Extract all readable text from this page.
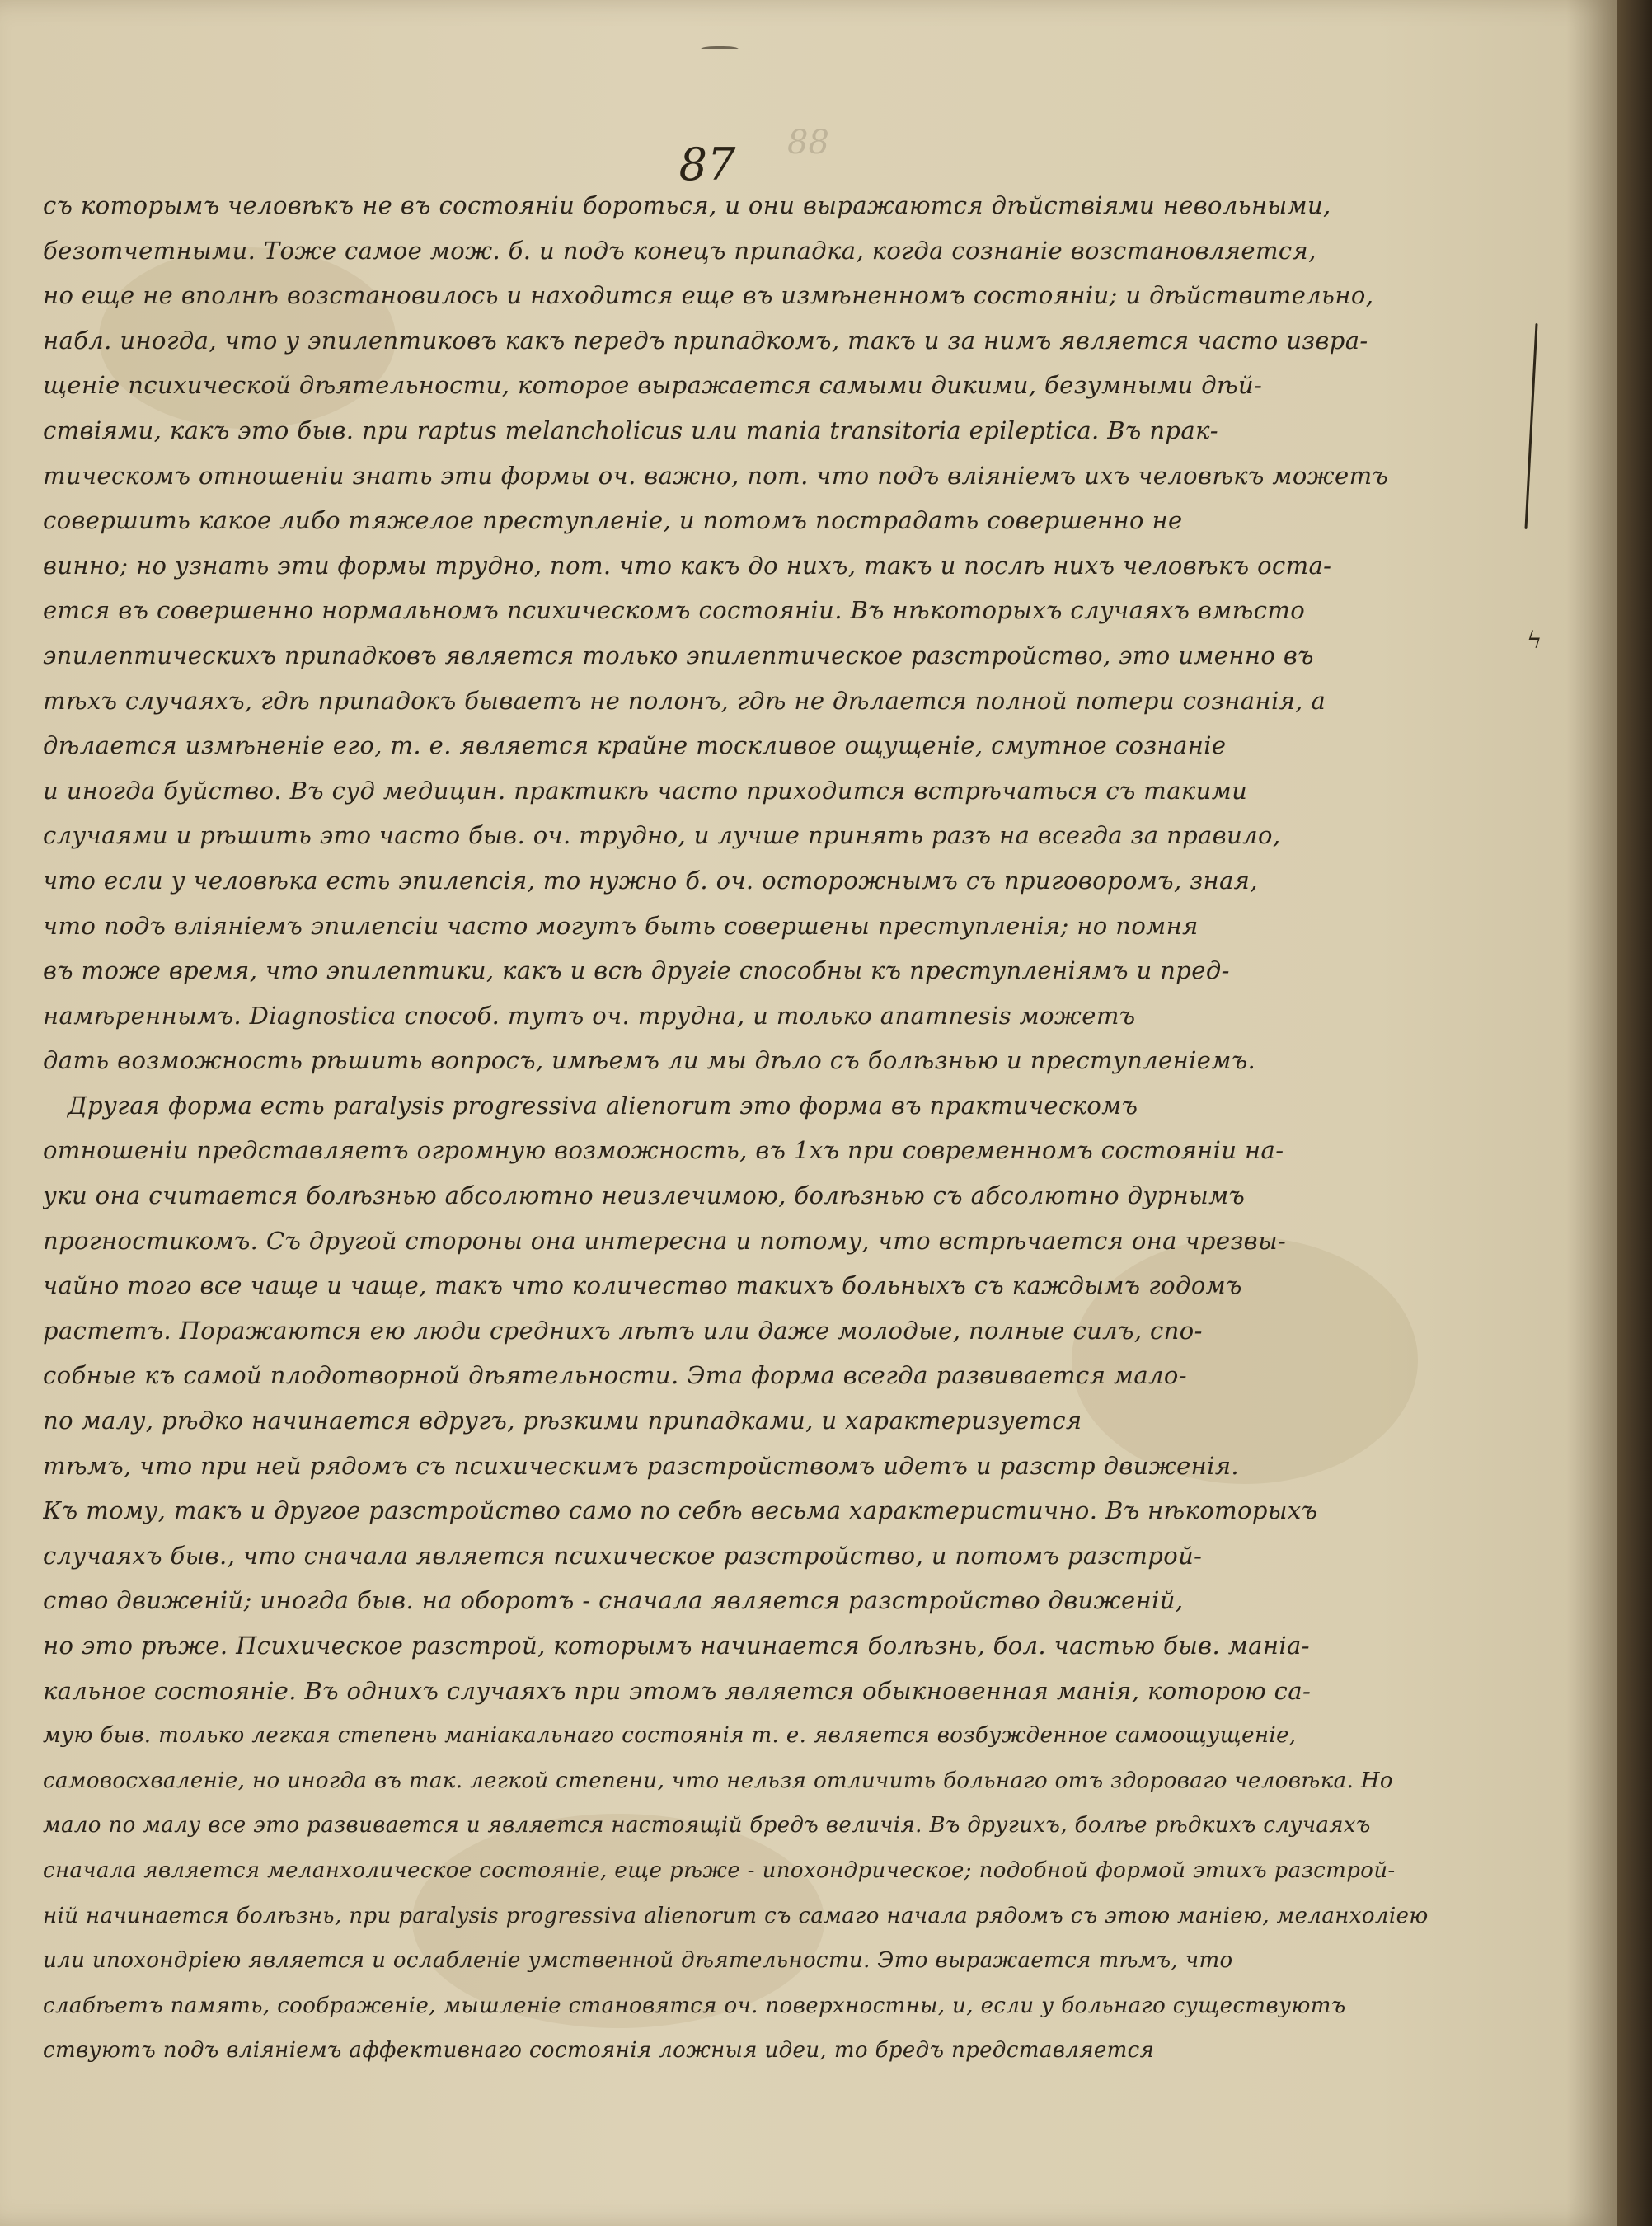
88
87
съ которымъ человѣкъ не въ состояніи бороться, и они выражаются дѣйствіями невольными,
безотчетными. Тоже самое мож. б. и подъ конецъ припадка, когда сознаніе возстановляется,
но еще не вполнѣ возстановилось и находится еще въ измѣненномъ состояніи; и дѣйствительно,
набл. иногда, что у эпилептиковъ какъ передъ припадкомъ, такъ и за нимъ является часто извра-
щеніе психической дѣятельности, которое выражается самыми дикими, безумными дѣй-
ствіями, какъ это быв. при raptus melancholicus или mania transitoria epileptica. Въ прак-
тическомъ отношеніи знать эти формы оч. важно, пот. что подъ вліяніемъ ихъ человѣкъ можетъ
совершить какое либо тяжелое преступленіе, и потомъ пострадать совершенно не
винно; но узнать эти формы трудно, пот. что какъ до нихъ, такъ и послѣ нихъ человѣкъ оста-
ется въ совершенно нормальномъ психическомъ состояніи. Въ нѣкоторыхъ случаяхъ вмѣсто
эпилептическихъ припадковъ является только эпилептическое разстройство, это именно въ
тѣхъ случаяхъ, гдѣ припадокъ бываетъ не полонъ, гдѣ не дѣлается полной потери сознанія, а
дѣлается измѣненіе его, т. е. является крайне тоскливое ощущеніе, смутное сознаніе
и иногда буйство. Въ суд медицин. практикѣ часто приходится встрѣчаться съ такими
случаями и рѣшить это часто быв. оч. трудно, и лучше принять разъ на всегда за правило,
что если у человѣка есть эпилепсія, то нужно б. оч. осторожнымъ съ приговоромъ, зная,
что подъ вліяніемъ эпилепсіи часто могутъ быть совершены преступленія; но помня
въ тоже время, что эпилептики, какъ и всѣ другіе способны къ преступленіямъ и пред-
намѣреннымъ. Diagnostica способ. тутъ оч. трудна, и только anamnesis можетъ
дать возможность рѣшить вопросъ, имѣемъ ли мы дѣло съ болѣзнью и преступленіемъ.
Другая форма есть paralysis progressiva alienorum это форма въ практическомъ
отношеніи представляетъ огромную возможность, въ 1хъ при современномъ состояніи на-
уки она считается болѣзнью абсолютно неизлечимою, болѣзнью съ абсолютно дурнымъ
прогностикомъ. Съ другой стороны она интересна и потому, что встрѣчается она чрезвы-
чайно того все чаще и чаще, такъ что количество такихъ больныхъ съ каждымъ годомъ
растетъ. Поражаются ею люди среднихъ лѣтъ или даже молодые, полные силъ, спо-
собные къ самой плодотворной дѣятельности. Эта форма всегда развивается мало-
по малу, рѣдко начинается вдругъ, рѣзкими припадками, и характеризуется
тѣмъ, что при ней рядомъ съ психическимъ разстройствомъ идетъ и разстр движенія.
Къ тому, такъ и другое разстройство само по себѣ весьма характеристично. Въ нѣкоторыхъ
случаяхъ быв., что сначала является психическое разстройство, и потомъ разстрой-
ство движеній; иногда быв. на оборотъ - сначала является разстройство движеній,
но это рѣже. Психическое разстрой, которымъ начинается болѣзнь, бол. частью быв. маніа-
кальное состояніе. Въ однихъ случаяхъ при этомъ является обыкновенная манія, которою са-
мую быв. только легкая степень маніакальнаго состоянія т. е. является возбужденное самоощущеніе,
самовосхваленіе, но иногда въ так. легкой степени, что нельзя отличить больнаго отъ здороваго человѣка. Но
мало по малу все это развивается и является настоящій бредъ величія. Въ другихъ, болѣе рѣдкихъ случаяхъ
сначала является меланхолическое состояніе, еще рѣже - ипохондрическое; подобной формой этихъ разстрой-
ній начинается болѣзнь, при paralysis progressiva alienorum съ самаго начала рядомъ съ этою маніею, меланхоліею
или ипохондріею является и ослабленіе умственной дѣятельности. Это выражается тѣмъ, что
слабѣетъ память, соображеніе, мышленіе становятся оч. поверхностны, и, если у больнаго существуютъ
ствуютъ подъ вліяніемъ аффективнаго состоянія ложныя идеи, то бредъ представляется
ϟ
